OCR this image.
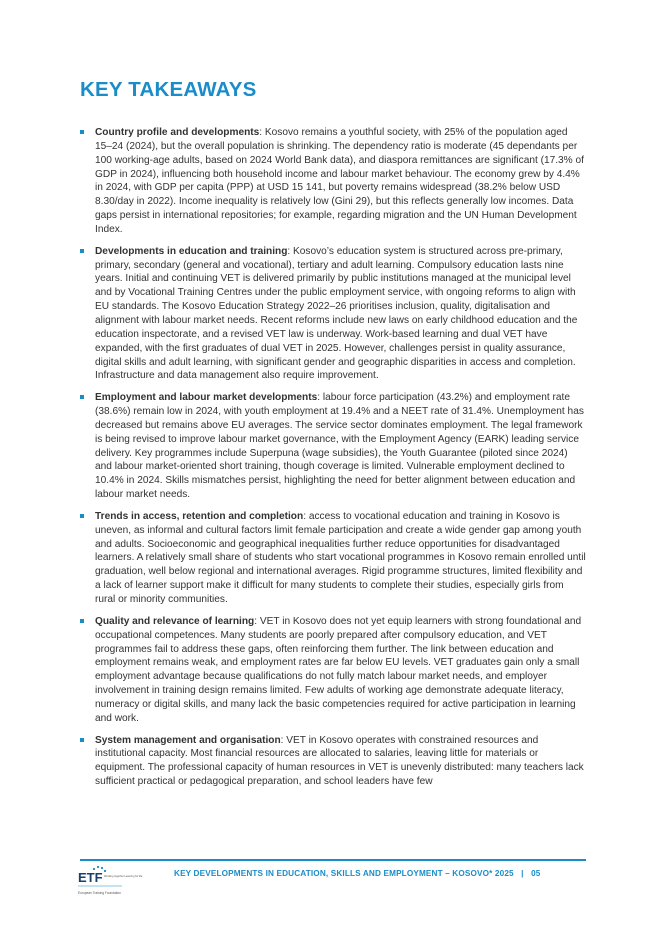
KEY TAKEAWAYS
Country profile and developments: Kosovo remains a youthful society, with 25% of the population aged 15–24 (2024), but the overall population is shrinking. The dependency ratio is moderate (45 dependants per 100 working-age adults, based on 2024 World Bank data), and diaspora remittances are significant (17.3% of GDP in 2024), influencing both household income and labour market behaviour. The economy grew by 4.4% in 2024, with GDP per capita (PPP) at USD 15 141, but poverty remains widespread (38.2% below USD 8.30/day in 2022). Income inequality is relatively low (Gini 29), but this reflects generally low incomes. Data gaps persist in international repositories; for example, regarding migration and the UN Human Development Index.
Developments in education and training: Kosovo’s education system is structured across pre-primary, primary, secondary (general and vocational), tertiary and adult learning. Compulsory education lasts nine years. Initial and continuing VET is delivered primarily by public institutions managed at the municipal level and by Vocational Training Centres under the public employment service, with ongoing reforms to align with EU standards. The Kosovo Education Strategy 2022–26 prioritises inclusion, quality, digitalisation and alignment with labour market needs. Recent reforms include new laws on early childhood education and the education inspectorate, and a revised VET law is underway. Work-based learning and dual VET have expanded, with the first graduates of dual VET in 2025. However, challenges persist in quality assurance, digital skills and adult learning, with significant gender and geographic disparities in access and completion. Infrastructure and data management also require improvement.
Employment and labour market developments: labour force participation (43.2%) and employment rate (38.6%) remain low in 2024, with youth employment at 19.4% and a NEET rate of 31.4%. Unemployment has decreased but remains above EU averages. The service sector dominates employment. The legal framework is being revised to improve labour market governance, with the Employment Agency (EARK) leading service delivery. Key programmes include Superpuna (wage subsidies), the Youth Guarantee (piloted since 2024) and labour market-oriented short training, though coverage is limited. Vulnerable employment declined to 10.4% in 2024. Skills mismatches persist, highlighting the need for better alignment between education and labour market needs.
Trends in access, retention and completion: access to vocational education and training in Kosovo is uneven, as informal and cultural factors limit female participation and create a wide gender gap among youth and adults. Socioeconomic and geographical inequalities further reduce opportunities for disadvantaged learners. A relatively small share of students who start vocational programmes in Kosovo remain enrolled until graduation, well below regional and international averages. Rigid programme structures, limited flexibility and a lack of learner support make it difficult for many students to complete their studies, especially girls from rural or minority communities.
Quality and relevance of learning: VET in Kosovo does not yet equip learners with strong foundational and occupational competences. Many students are poorly prepared after compulsory education, and VET programmes fail to address these gaps, often reinforcing them further. The link between education and employment remains weak, and employment rates are far below EU levels. VET graduates gain only a small employment advantage because qualifications do not fully match labour market needs, and employer involvement in training design remains limited. Few adults of working age demonstrate adequate literacy, numeracy or digital skills, and many lack the basic competencies required for active participation in learning and work.
System management and organisation: VET in Kosovo operates with constrained resources and institutional capacity. Most financial resources are allocated to salaries, leaving little for materials or equipment. The professional capacity of human resources in VET is unevenly distributed: many teachers lack sufficient practical or pedagogical preparation, and school leaders have few
ETF Working together Learning for life
European Training Foundation
KEY DEVELOPMENTS IN EDUCATION, SKILLS AND EMPLOYMENT – KOSOVO* 2025 | 05
